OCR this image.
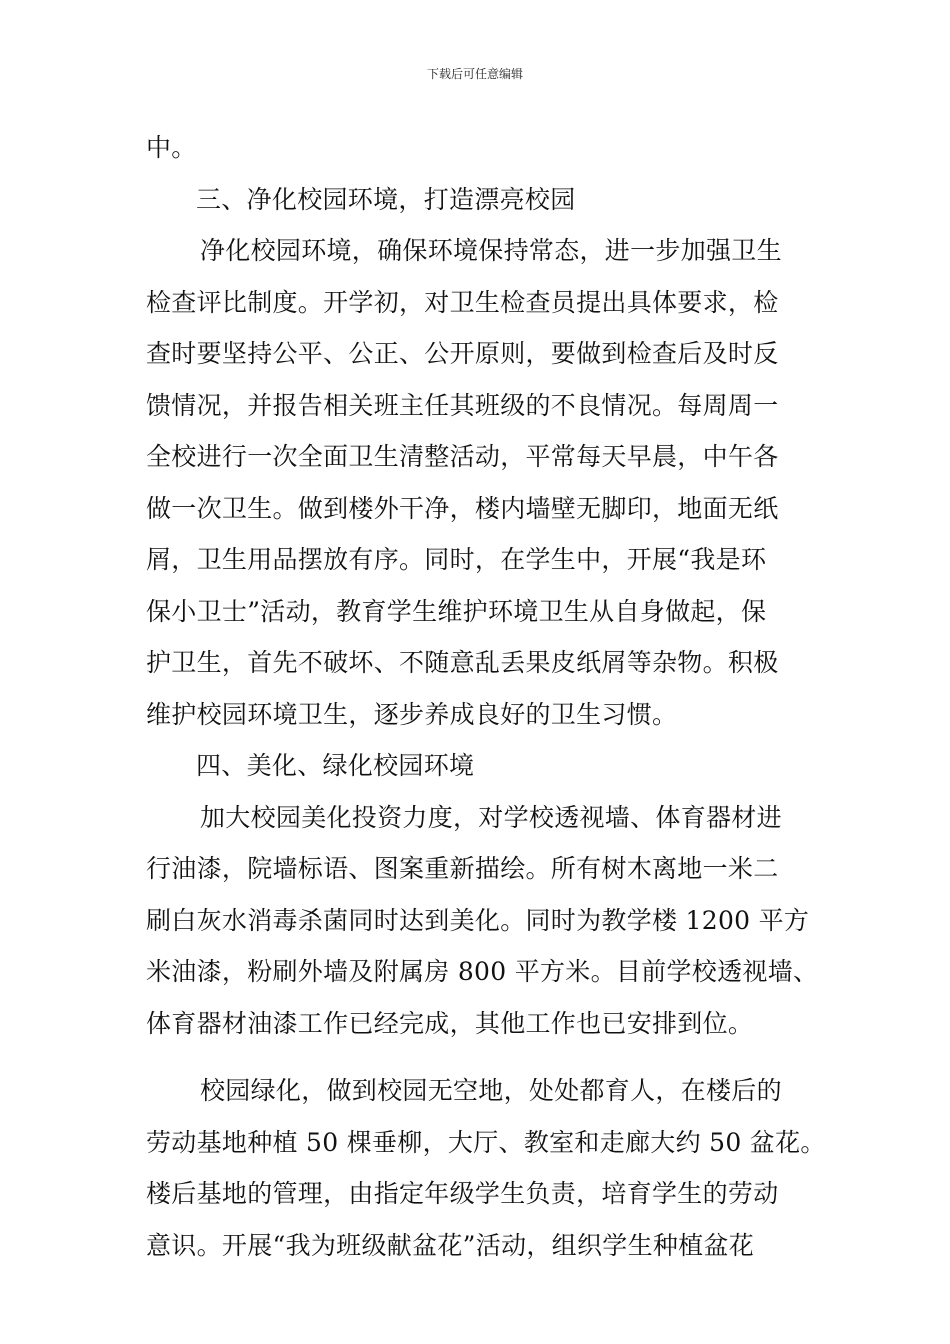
下载后可任意编辑
中。
三、净化校园环境，打造漂亮校园
净化校园环境，确保环境保持常态，进一步加强卫生
检查评比制度。开学初，对卫生检查员提出具体要求，检
查时要坚持公平、公正、公开原则，要做到检查后及时反
馈情况，并报告相关班主任其班级的不良情况。每周周一
全校进行一次全面卫生清整活动，平常每天早晨，中午各
做一次卫生。做到楼外干净，楼内墙壁无脚印，地面无纸
屑，卫生用品摆放有序。同时，在学生中，开展“我是环
保小卫士”活动，教育学生维护环境卫生从自身做起，保
护卫生，首先不破坏、不随意乱丢果皮纸屑等杂物。积极
维护校园环境卫生，逐步养成良好的卫生习惯。
四、美化、绿化校园环境
加大校园美化投资力度，对学校透视墙、体育器材进
行油漆，院墙标语、图案重新描绘。所有树木离地一米二
刷白灰水消毒杀菌同时达到美化。同时为教学楼 1200 平方
米油漆，粉刷外墙及附属房 800 平方米。目前学校透视墙、
体育器材油漆工作已经完成，其他工作也已安排到位。
校园绿化，做到校园无空地，处处都育人，在楼后的
劳动基地种植 50 棵垂柳，大厅、教室和走廊大约 50 盆花。
楼后基地的管理，由指定年级学生负责，培育学生的劳动
意识。开展“我为班级献盆花”活动，组织学生种植盆花
